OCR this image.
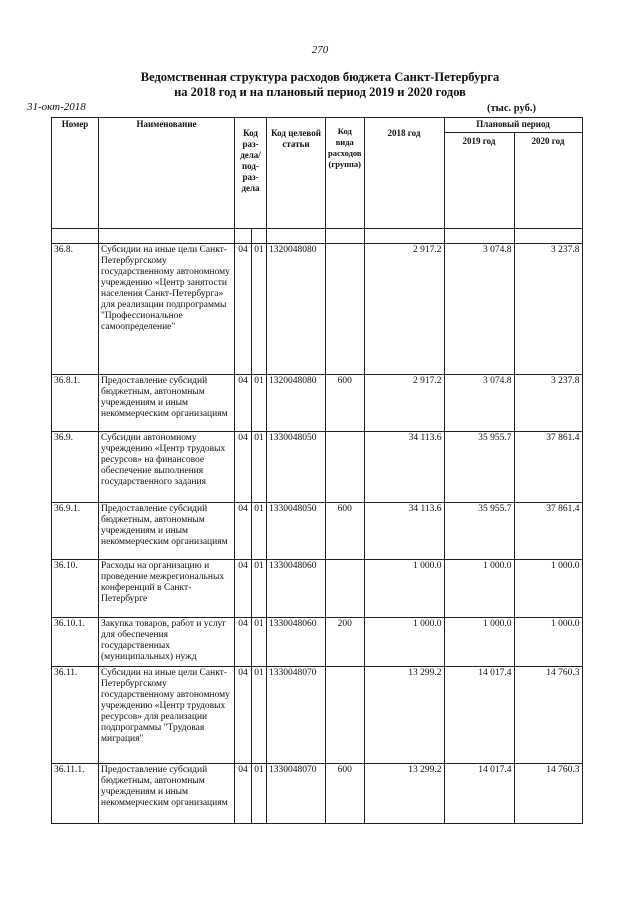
270
Ведомственная структура расходов бюджета Санкт-Петербурга
на 2018 год и на плановый период 2019 и 2020 годов
31-окт-2018	(тыс. руб.)
Номер	Наименование	Код раз-дела/ под-раз-дела		Код целевой статьи	Код вида расходов (группа)	2018 год	Плановый период	
							2019 год	2020 год

36.8.	Субсидии на иные цели Санкт-Петербургскому государственному автономному учреждению «Центр занятости населения Санкт-Петербурга» для реализации подпрограммы "Профессиональное самоопределение"	04	01	1320048080		2 917.2	3 074.8	3 237.8
36.8.1.	Предоставление субсидий бюджетным, автономным учреждениям и иным некоммерческим организациям	04	01	1320048080	600	2 917.2	3 074.8	3 237.8
36.9.	Субсидии автономному учреждению «Центр трудовых ресурсов» на финансовое обеспечение выполнения государственного задания	04	01	1330048050		34 113.6	35 955.7	37 861.4
36.9.1.	Предоставление субсидий бюджетным, автономным учреждениям и иным некоммерческим организациям	04	01	1330048050	600	34 113.6	35 955.7	37 861.4
36.10.	Расходы на организацию и проведение межрегиональных конференций в Санкт-Петербурге	04	01	1330048060		1 000.0	1 000.0	1 000.0
36.10.1.	Закупка товаров, работ и услуг для обеспечения государственных (муниципальных) нужд	04	01	1330048060	200	1 000.0	1 000.0	1 000.0
36.11.	Субсидии на иные цели Санкт-Петербургскому государственному автономному учреждению «Центр трудовых ресурсов» для реализации подпрограммы "Трудовая миграция"	04	01	1330048070		13 299.2	14 017.4	14 760.3
36.11.1.	Предоставление субсидий бюджетным, автономным учреждениям и иным некоммерческим организациям	04	01	1330048070	600	13 299.2	14 017.4	14 760.3
